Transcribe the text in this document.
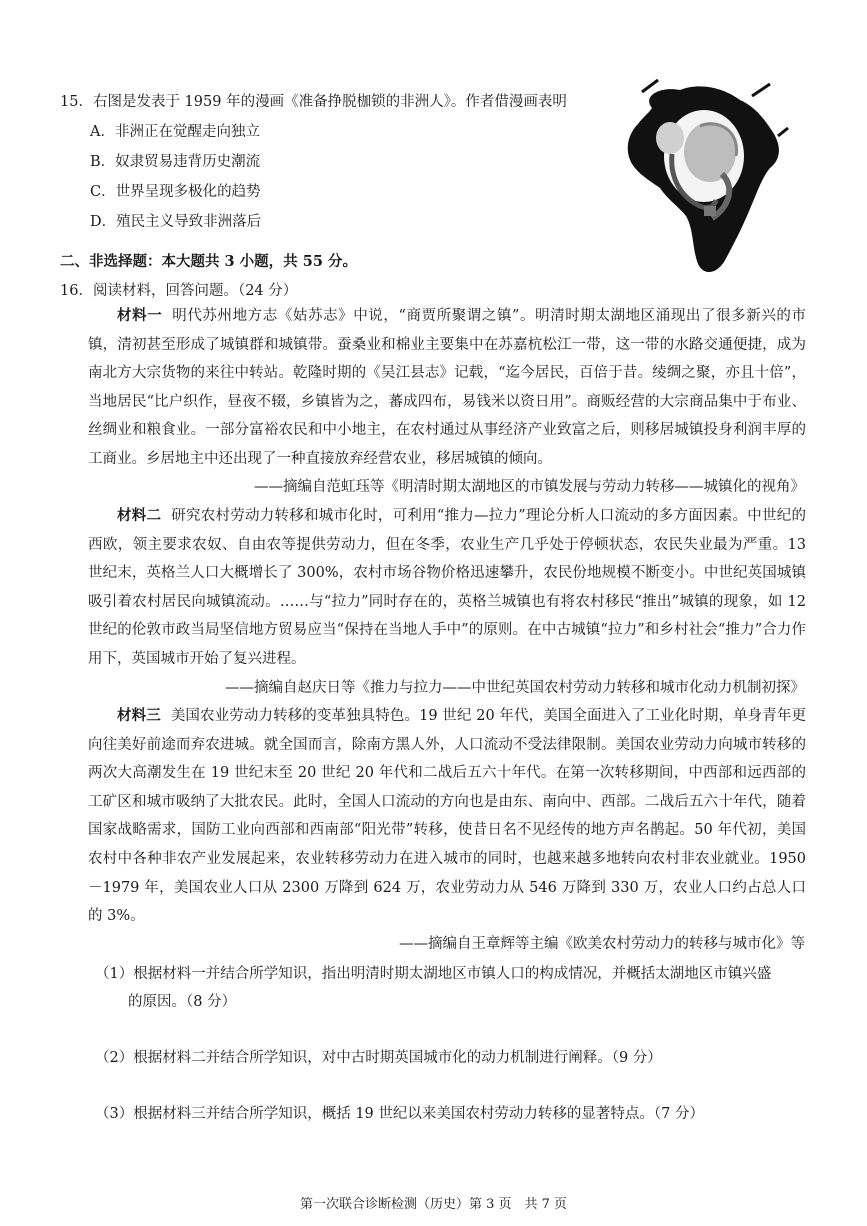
15．右图是发表于 1959 年的漫画《准备挣脱枷锁的非洲人》。作者借漫画表明
A．非洲正在觉醒走向独立
B．奴隶贸易违背历史潮流
C．世界呈现多极化的趋势
D．殖民主义导致非洲落后
二、非选择题：本大题共 3 小题，共 55 分。
16．阅读材料，回答问题。（24 分）
材料一 明代苏州地方志《姑苏志》中说，“商贾所聚谓之镇”。明清时期太湖地区涌现出了很多新兴的市镇，清初甚至形成了城镇群和城镇带。蚕桑业和棉业主要集中在苏嘉杭松江一带，这一带的水路交通便捷，成为南北方大宗货物的来往中转站。乾隆时期的《吴江县志》记载，“迄今居民，百倍于昔。绫绸之聚，亦且十倍”，当地居民“比户织作，昼夜不辍，乡镇皆为之，蕃成四布，易钱米以资日用”。商贩经营的大宗商品集中于布业、丝绸业和粮食业。一部分富裕农民和中小地主，在农村通过从事经济产业致富之后，则移居城镇投身利润丰厚的工商业。乡居地主中还出现了一种直接放弃经营农业，移居城镇的倾向。
——摘编自范虹珏等《明清时期太湖地区的市镇发展与劳动力转移——城镇化的视角》
材料二 研究农村劳动力转移和城市化时，可利用“推力—拉力”理论分析人口流动的多方面因素。中世纪的西欧，领主要求农奴、自由农等提供劳动力，但在冬季，农业生产几乎处于停顿状态，农民失业最为严重。13 世纪末，英格兰人口大概增长了 300%，农村市场谷物价格迅速攀升，农民份地规模不断变小。中世纪英国城镇吸引着农村居民向城镇流动。……与“拉力”同时存在的，英格兰城镇也有将农村移民“推出”城镇的现象，如 12 世纪的伦敦市政当局坚信地方贸易应当“保持在当地人手中”的原则。在中古城镇“拉力”和乡村社会“推力”合力作用下，英国城市开始了复兴进程。
——摘编自赵庆日等《推力与拉力——中世纪英国农村劳动力转移和城市化动力机制初探》
材料三 美国农业劳动力转移的变革独具特色。19 世纪 20 年代，美国全面进入了工业化时期，单身青年更向往美好前途而弃农进城。就全国而言，除南方黑人外，人口流动不受法律限制。美国农业劳动力向城市转移的两次大高潮发生在 19 世纪末至 20 世纪 20 年代和二战后五六十年代。在第一次转移期间，中西部和远西部的工矿区和城市吸纳了大批农民。此时，全国人口流动的方向也是由东、南向中、西部。二战后五六十年代，随着国家战略需求，国防工业向西部和西南部“阳光带”转移，使昔日名不见经传的地方声名鹊起。50 年代初，美国农村中各种非农产业发展起来，农业转移劳动力在进入城市的同时，也越来越多地转向农村非农业就业。1950－1979 年，美国农业人口从 2300 万降到 624 万，农业劳动力从 546 万降到 330 万，农业人口约占总人口的 3%。
——摘编自王章辉等主编《欧美农村劳动力的转移与城市化》等
（1）根据材料一并结合所学知识，指出明清时期太湖地区市镇人口的构成情况，并概括太湖地区市镇兴盛
的原因。（8 分）
（2）根据材料二并结合所学知识，对中古时期英国城市化的动力机制进行阐释。（9 分）
（3）根据材料三并结合所学知识，概括 19 世纪以来美国农村劳动力转移的显著特点。（7 分）
第一次联合诊断检测（历史）第 3 页　共 7 页
